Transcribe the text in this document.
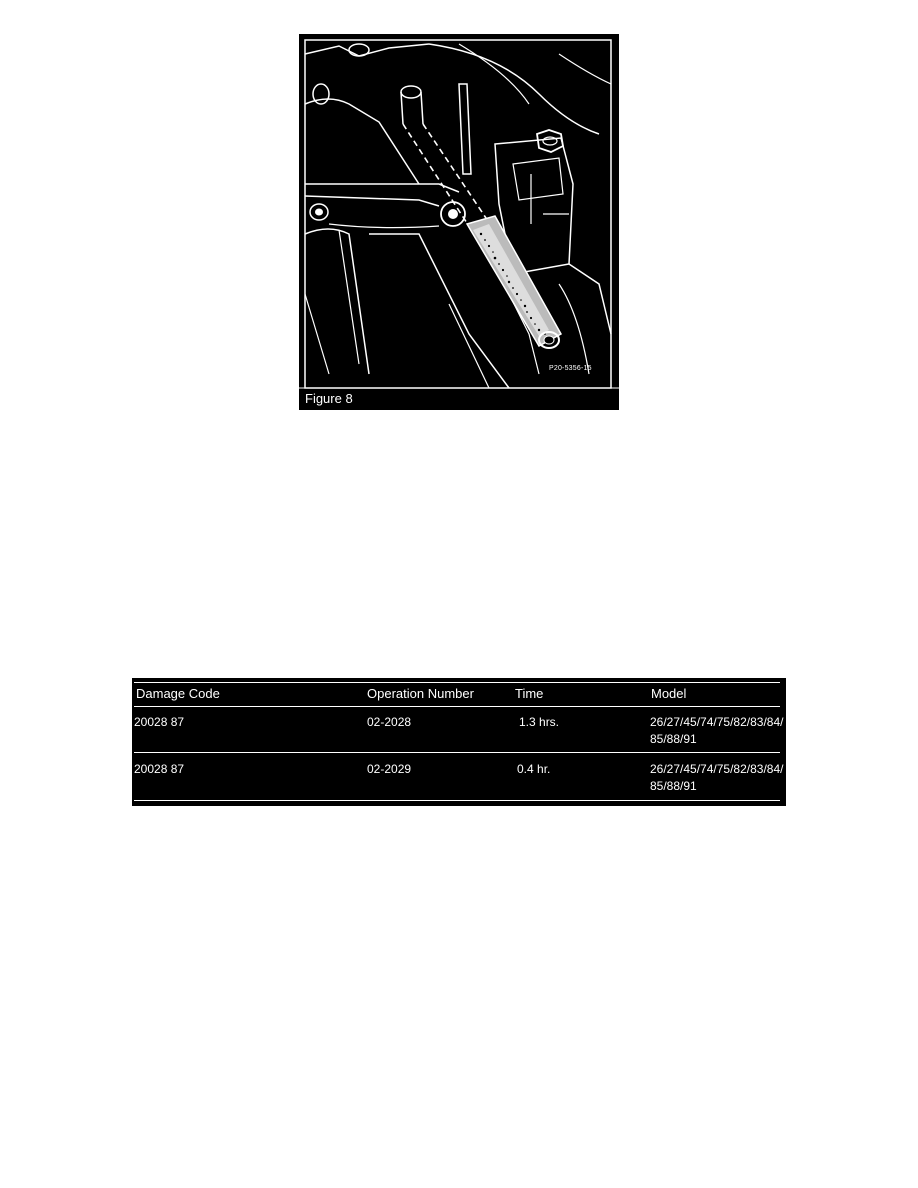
P20-5356-15
Figure 8
Damage Code	Operation Number	Time	Model
20028 87	02-2028	1.3 hrs.	26/27/45/74/75/82/83/84/85/88/91
20028 87	02-2029	0.4 hr.	26/27/45/74/75/82/83/84/85/88/91
